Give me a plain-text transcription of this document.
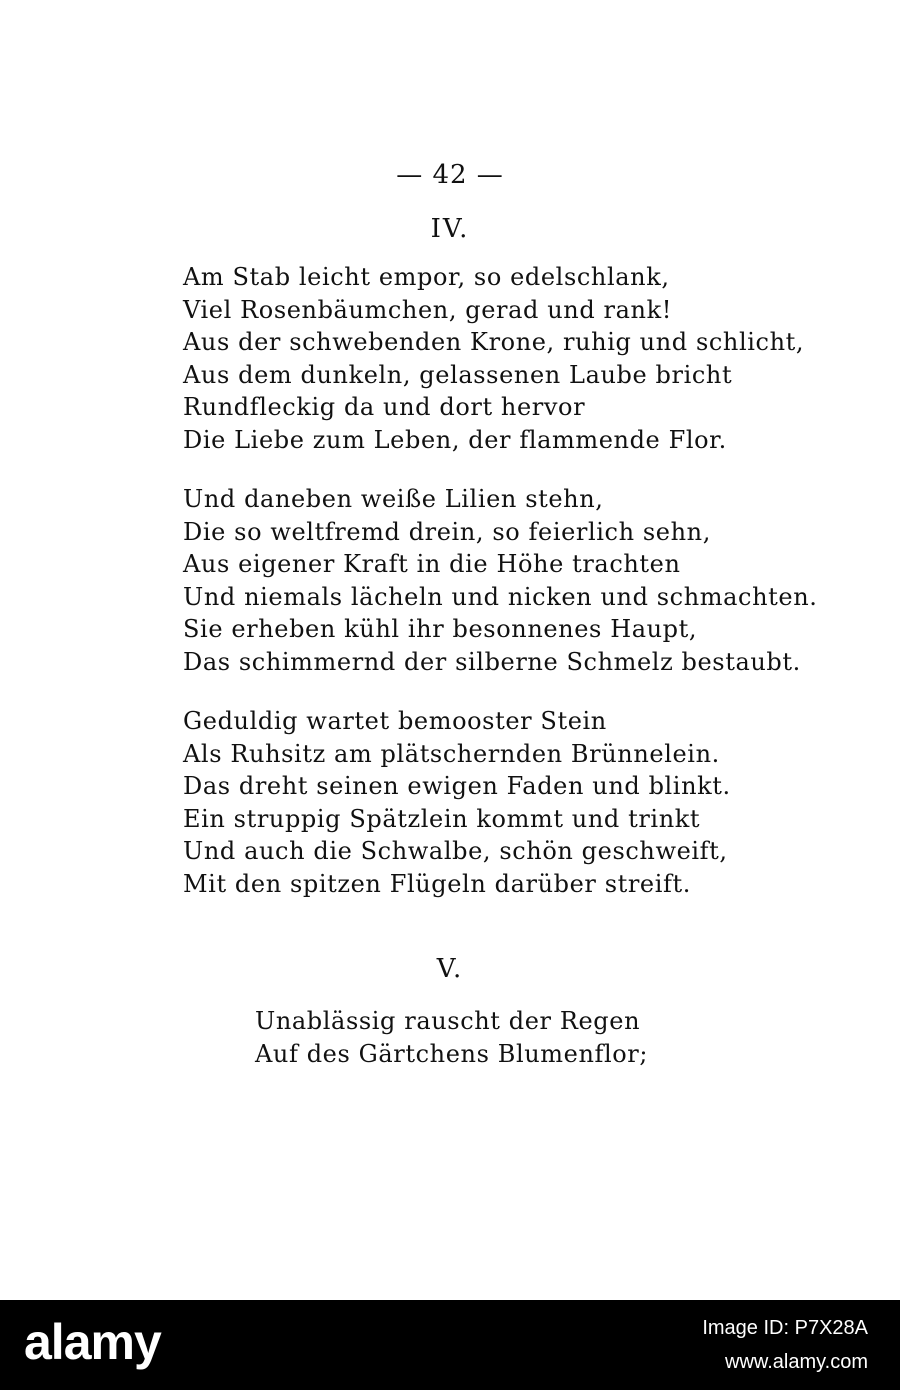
— 42 —
IV.
Am Stab leicht empor, so edelschlank,
Viel Rosenbäumchen, gerad und rank!
Aus der schwebenden Krone, ruhig und schlicht,
Aus dem dunkeln, gelassenen Laube bricht
Rundfleckig da und dort hervor
Die Liebe zum Leben, der flammende Flor.
Und daneben weiße Lilien stehn,
Die so weltfremd drein, so feierlich sehn,
Aus eigener Kraft in die Höhe trachten
Und niemals lächeln und nicken und schmachten.
Sie erheben kühl ihr besonnenes Haupt,
Das schimmernd der silberne Schmelz bestaubt.
Geduldig wartet bemooster Stein
Als Ruhsitz am plätschernden Brünnelein.
Das dreht seinen ewigen Faden und blinkt.
Ein struppig Spätzlein kommt und trinkt
Und auch die Schwalbe, schön geschweift,
Mit den spitzen Flügeln darüber streift.
V.
Unablässig rauscht der Regen
Auf des Gärtchens Blumenflor;
alamy	Image ID: P7X28A
www.alamy.com
